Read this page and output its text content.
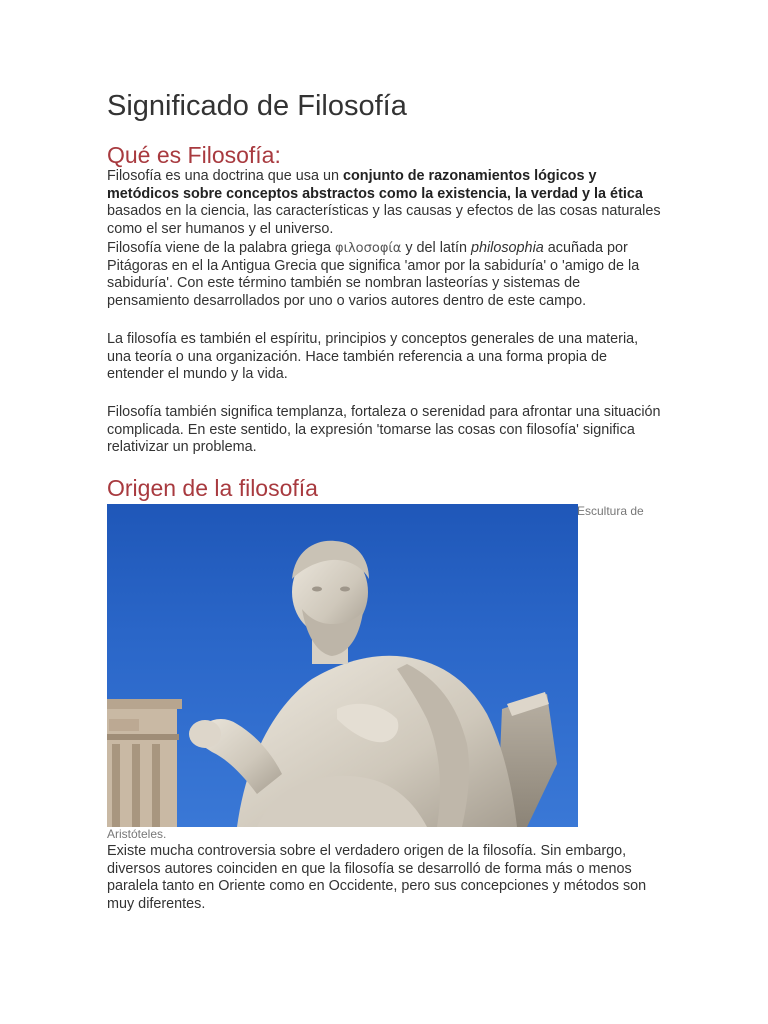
Significado de Filosofía
Qué es Filosofía:

Filosofía es una doctrina que usa un conjunto de razonamientos lógicos y metódicos sobre conceptos abstractos como la existencia, la verdad y la ética basados en la ciencia, las características y las causas y efectos de las cosas naturales como el ser humanos y el universo.

Filosofía viene de la palabra griega φιλοσοφία y del latín philosophia acuñada por Pitágoras en el la Antigua Grecia que significa 'amor por la sabiduría' o 'amigo de la sabiduría'. Con este término también se nombran lasteorías y sistemas de pensamiento desarrollados por uno o varios autores dentro de este campo.

La filosofía es también el espíritu, principios y conceptos generales de una materia, una teoría o una organización. Hace también referencia a una forma propia de entender el mundo y la vida.

Filosofía también significa templanza, fortaleza o serenidad para afrontar una situación complicada. En este sentido, la expresión 'tomarse las cosas con filosofía' significa relativizar un problema.

Origen de la filosofía
Escultura de
Aristóteles.

Existe mucha controversia sobre el verdadero origen de la filosofía. Sin embargo, diversos autores coinciden en que la filosofía se desarrolló de forma más o menos paralela tanto en Oriente como en Occidente, pero sus concepciones y métodos son muy diferentes.
